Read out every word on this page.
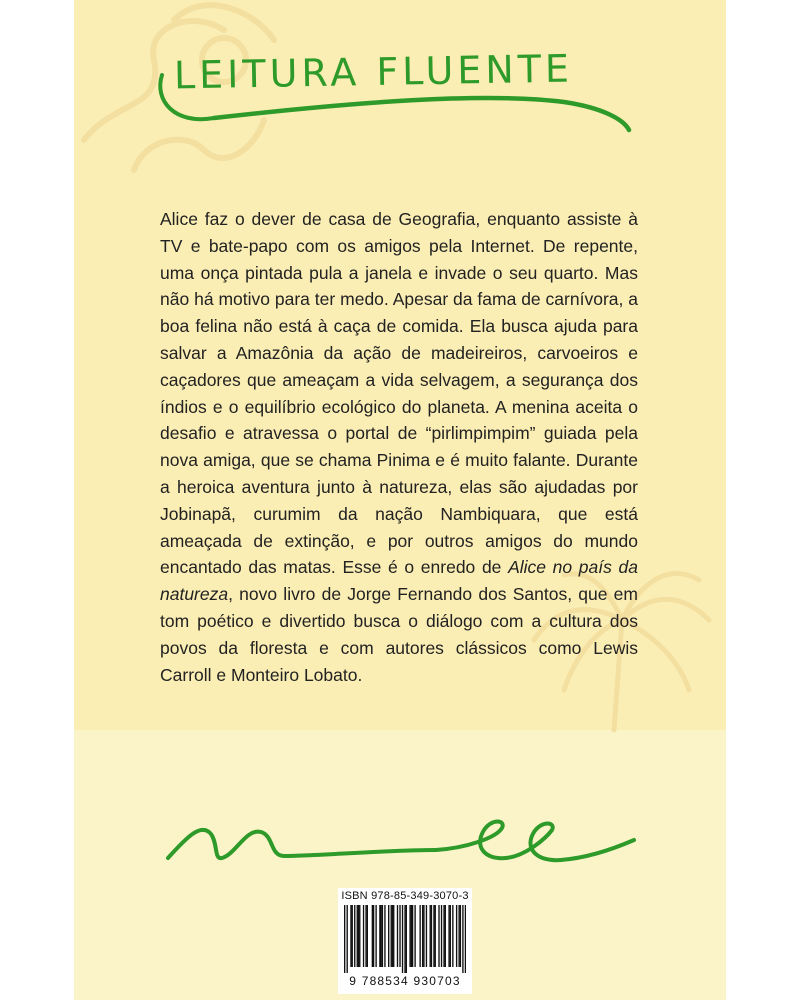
LEITURA FLUENTE

Alice faz o dever de casa de Geografia, enquanto assiste à TV e bate-papo com os amigos pela Internet. De repente, uma onça pintada pula a janela e invade o seu quarto. Mas não há motivo para ter medo. Apesar da fama de carnívora, a boa felina não está à caça de comida. Ela busca ajuda para salvar a Amazônia da ação de madeireiros, carvoeiros e caçadores que ameaçam a vida selvagem, a segurança dos índios e o equilíbrio ecológico do planeta. A menina aceita o desafio e atravessa o portal de “pirlimpimpim” guiada pela nova amiga, que se chama Pinima e é muito falante. Durante a heroica aventura junto à natureza, elas são ajudadas por Jobinapã, curumim da nação Nambiquara, que está ameaçada de extinção, e por outros amigos do mundo encantado das matas. Esse é o enredo de Alice no país da natureza, novo livro de Jorge Fernando dos Santos, que em tom poético e divertido busca o diálogo com a cultura dos povos da floresta e com autores clássicos como Lewis Carroll e Monteiro Lobato.

ISBN 978-85-349-3070-3
9 788534 930703
